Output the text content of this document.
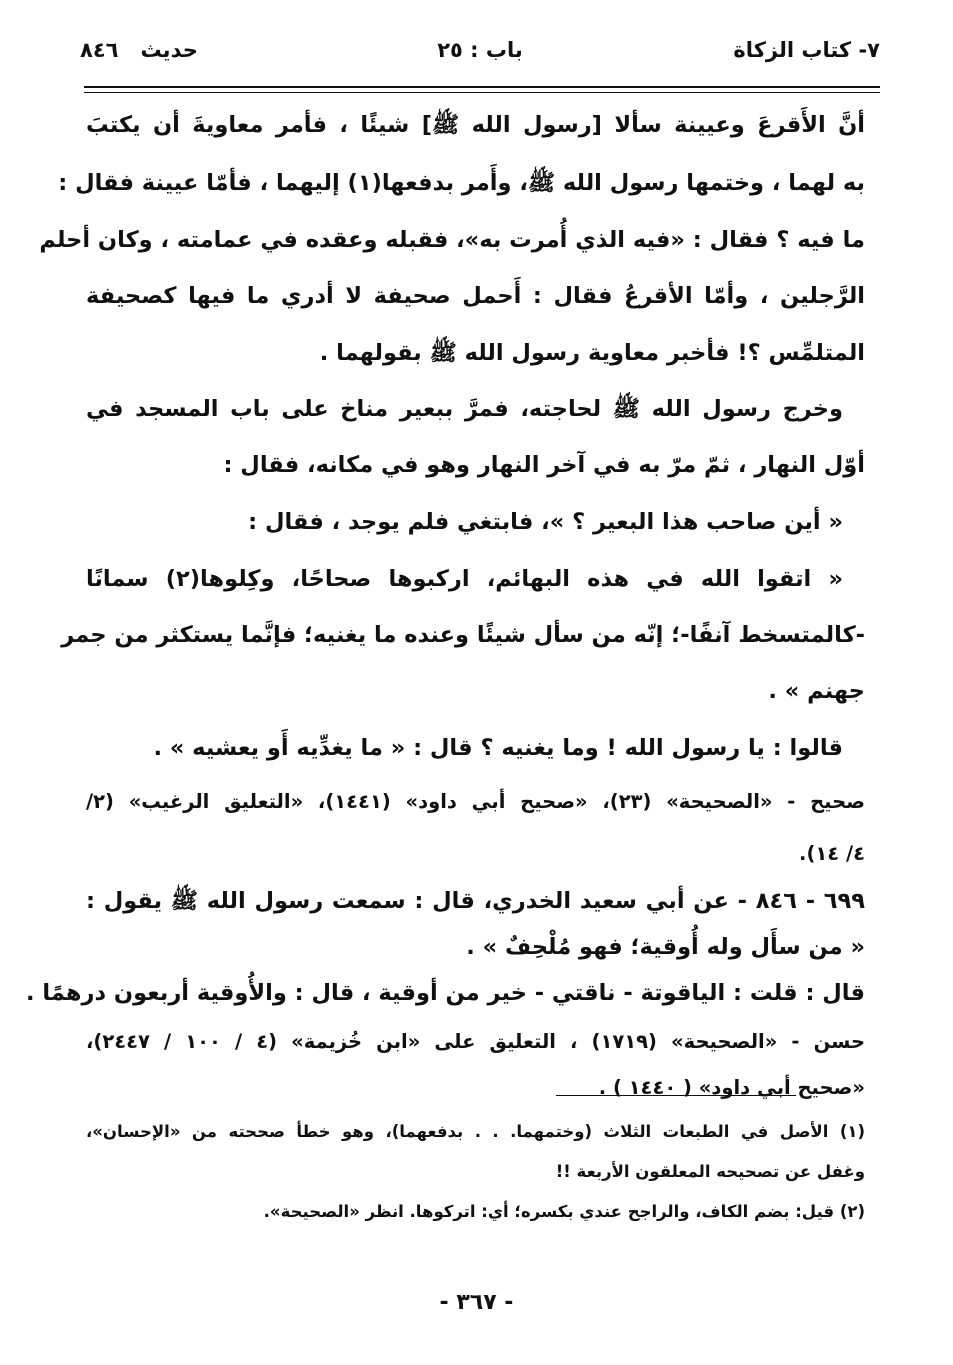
٧- كتاب الزكاة
باب : ٢٥
حديث٨٤٦
أنَّ الأَقرعَ وعيينة سألا [رسول الله ﷺ] شيئًا ، فأمر معاويةَ أن يكتبَ
به لهما ، وختمها رسول الله ﷺ، وأَمر بدفعها(١) إليهما ، فأمّا عيينة فقال :
ما فيه ؟ فقال : «فيه الذي أُمرت به»، فقبله وعقده في عمامته ، وكان أحلم
الرَّجلين ، وأمّا الأقرعُ فقال : أَحمل صحيفة لا أدري ما فيها كصحيفة
المتلمِّس ؟! فأخبر معاوية رسول الله ﷺ بقولهما .
وخرج رسول الله ﷺ لحاجته، فمرَّ ببعير مناخ على باب المسجد في
أوّل النهار ، ثمّ مرّ به في آخر النهار وهو في مكانه، فقال :
« أين صاحب هذا البعير ؟ »، فابتغي فلم يوجد ، فقال :
« اتقوا الله في هذه البهائم، اركبوها صحاحًا، وكِلوها(٢) سمانًا
-كالمتسخط آنفًا-؛ إنّه من سأل شيئًا وعنده ما يغنيه؛ فإنَّما يستكثر من جمر
جهنم » .
قالوا : يا رسول الله ! وما يغنيه ؟ قال : « ما يغدِّيه أَو يعشيه » .
صحيح - «الصحيحة» (٢٣)، «صحيح أبي داود» (١٤٤١)، «التعليق الرغيب» (٢/
٤/ ١٤).
٦٩٩ - ٨٤٦ - عن أبي سعيد الخدري، قال : سمعت رسول الله ﷺ يقول :
« من سأَل وله أُوقية؛ فهو مُلْحِفٌ » .
قال : قلت : الياقوتة - ناقتي - خير من أوقية ، قال : والأُوقية أربعون درهمًا .
حسن - «الصحيحة» (١٧١٩) ، التعليق على «ابن خُزيمة» (٤ / ١٠٠ / ٢٤٤٧)،
«صحيح أبي داود» ( ١٤٤٠ ) .
(١) الأصل في الطبعات الثلاث (وختمهما. . . بدفعهما)، وهو خطأ صححته من «الإحسان»،
وغفل عن تصحيحه المعلقون الأربعة !!
(٢) قيل: بضم الكاف، والراجح عندي بكسره؛ أي: اتركوها. انظر «الصحيحة».
- ٣٦٧ -
